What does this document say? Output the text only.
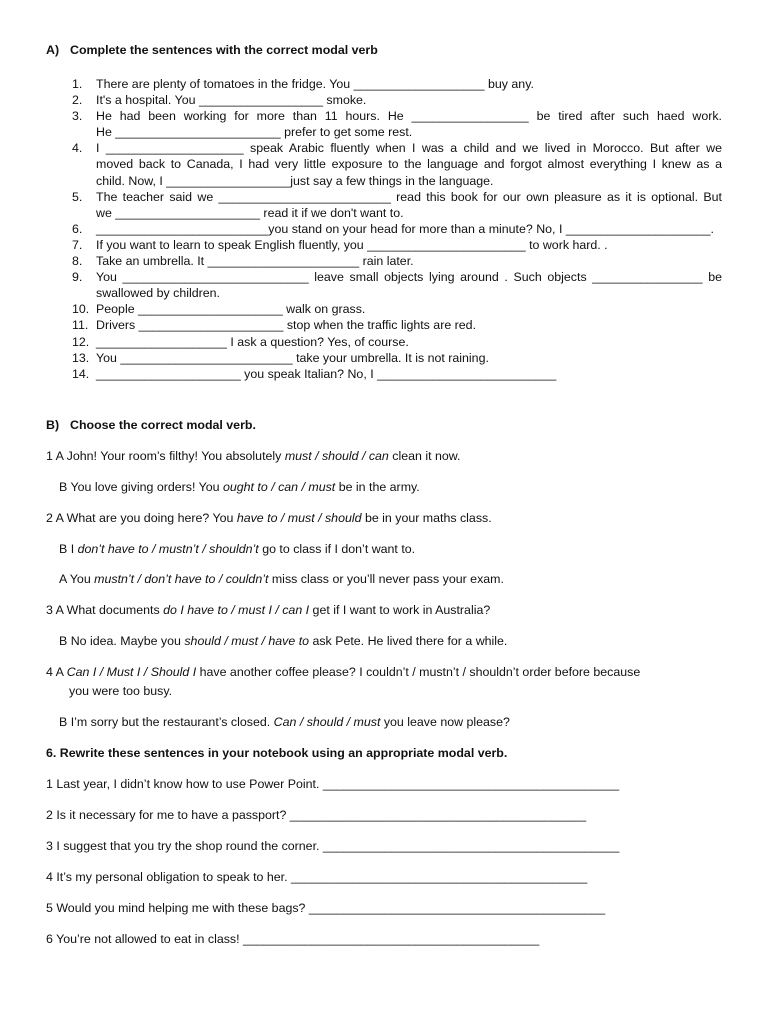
A) Complete the sentences with the correct modal verb
1. There are plenty of tomatoes in the fridge. You ___________________ buy any.
2. It's a hospital. You __________________ smoke.
3. He had been working for more than 11 hours. He _________________ be tired after such haed work.
He ________________________ prefer to get some rest.
4. I ____________________ speak Arabic fluently when I was a child and we lived in Morocco. But after we
moved back to Canada, I had very little exposure to the language and forgot almost everything I knew as a
child. Now, I __________________just say a few things in the language.
5. The teacher said we _________________________ read this book for our own pleasure as it is optional. But
we _____________________ read it if we don't want to.
6. _________________________you stand on your head for more than a minute? No, I _____________________.
7. If you want to learn to speak English fluently, you _______________________ to work hard. .
8. Take an umbrella. It ______________________ rain later.
9. You ___________________________ leave small objects lying around . Such objects ________________ be
swallowed by children.
10. People _____________________ walk on grass.
11. Drivers _____________________ stop when the traffic lights are red.
12. ___________________ I ask a question? Yes, of course.
13. You _________________________ take your umbrella. It is not raining.
14. _____________________ you speak Italian? No, I __________________________
B) Choose the correct modal verb.
1 A John! Your room’s filthy! You absolutely must / should / can clean it now.
B You love giving orders! You ought to / can / must be in the army.
2 A What are you doing here? You have to / must / should be in your maths class.
B I don’t have to / mustn’t / shouldn’t go to class if I don’t want to.
A You mustn’t / don’t have to / couldn’t miss class or you’ll never pass your exam.
3 A What documents do I have to / must I / can I get if I want to work in Australia?
B No idea. Maybe you should / must / have to ask Pete. He lived there for a while.
4 A Can I / Must I / Should I have another coffee please? I couldn’t / mustn’t / shouldn’t order before because
you were too busy.
B I’m sorry but the restaurant’s closed. Can / should / must you leave now please?
6. Rewrite these sentences in your notebook using an appropriate modal verb.
1 Last year, I didn’t know how to use Power Point. ___________________________________________
2 Is it necessary for me to have a passport? ___________________________________________
3 I suggest that you try the shop round the corner. ___________________________________________
4 It’s my personal obligation to speak to her. ___________________________________________
5 Would you mind helping me with these bags? ___________________________________________
6 You’re not allowed to eat in class! ___________________________________________
